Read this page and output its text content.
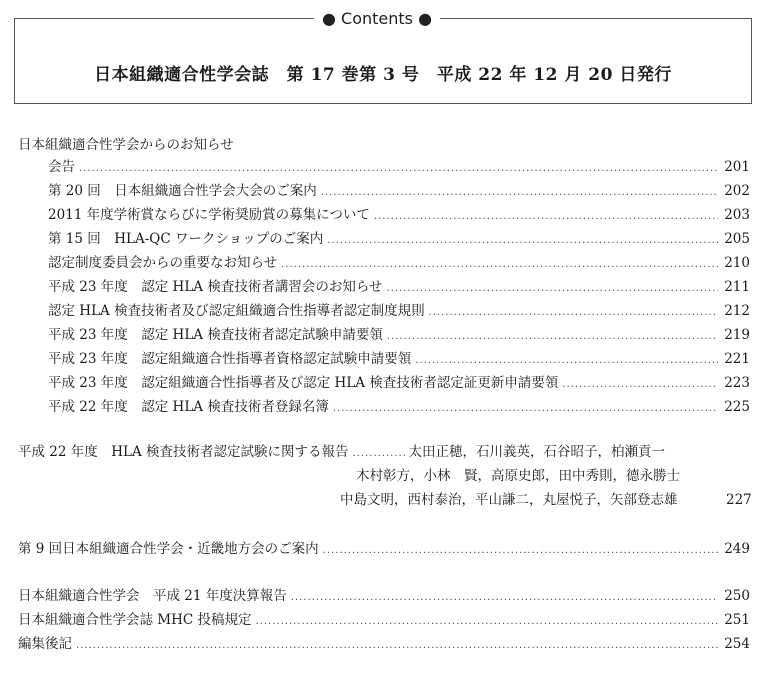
● Contents ●
日本組織適合性学会誌　第 17 巻第 3 号　平成 22 年 12 月 20 日発行
日本組織適合性学会からのお知らせ
会告 .....	201
第 20 回　日本組織適合性学会大会のご案内 .....	202
2011 年度学術賞ならびに学術奨励賞の募集について .....	203
第 15 回　HLA-QC ワークショップのご案内 .....	205
認定制度委員会からの重要なお知らせ .....	210
平成 23 年度　認定 HLA 検査技術者講習会のお知らせ .....	211
認定 HLA 検査技術者及び認定組織適合性指導者認定制度規則 .....	212
平成 23 年度　認定 HLA 検査技術者認定試験申請要領 .....	219
平成 23 年度　認定組織適合性指導者資格認定試験申請要領 .....	221
平成 23 年度　認定組織適合性指導者及び認定 HLA 検査技術者認定証更新申請要領 .....	223
平成 22 年度　認定 HLA 検査技術者登録名簿 .....	225
平成 22 年度　HLA 検査技術者認定試験に関する報告 .....	太田正穂，石川義英，石谷昭子，柏瀬貢一
木村彰方，小林　賢，高原史郎，田中秀則，德永勝士
中島文明，西村泰治，平山謙二，丸屋悦子，矢部登志雄	227
第 9 回日本組織適合性学会・近畿地方会のご案内 .....	249
日本組織適合性学会　平成 21 年度決算報告 .....	250
日本組織適合性学会誌 MHC 投稿規定 .....	251
編集後記 .....	254
